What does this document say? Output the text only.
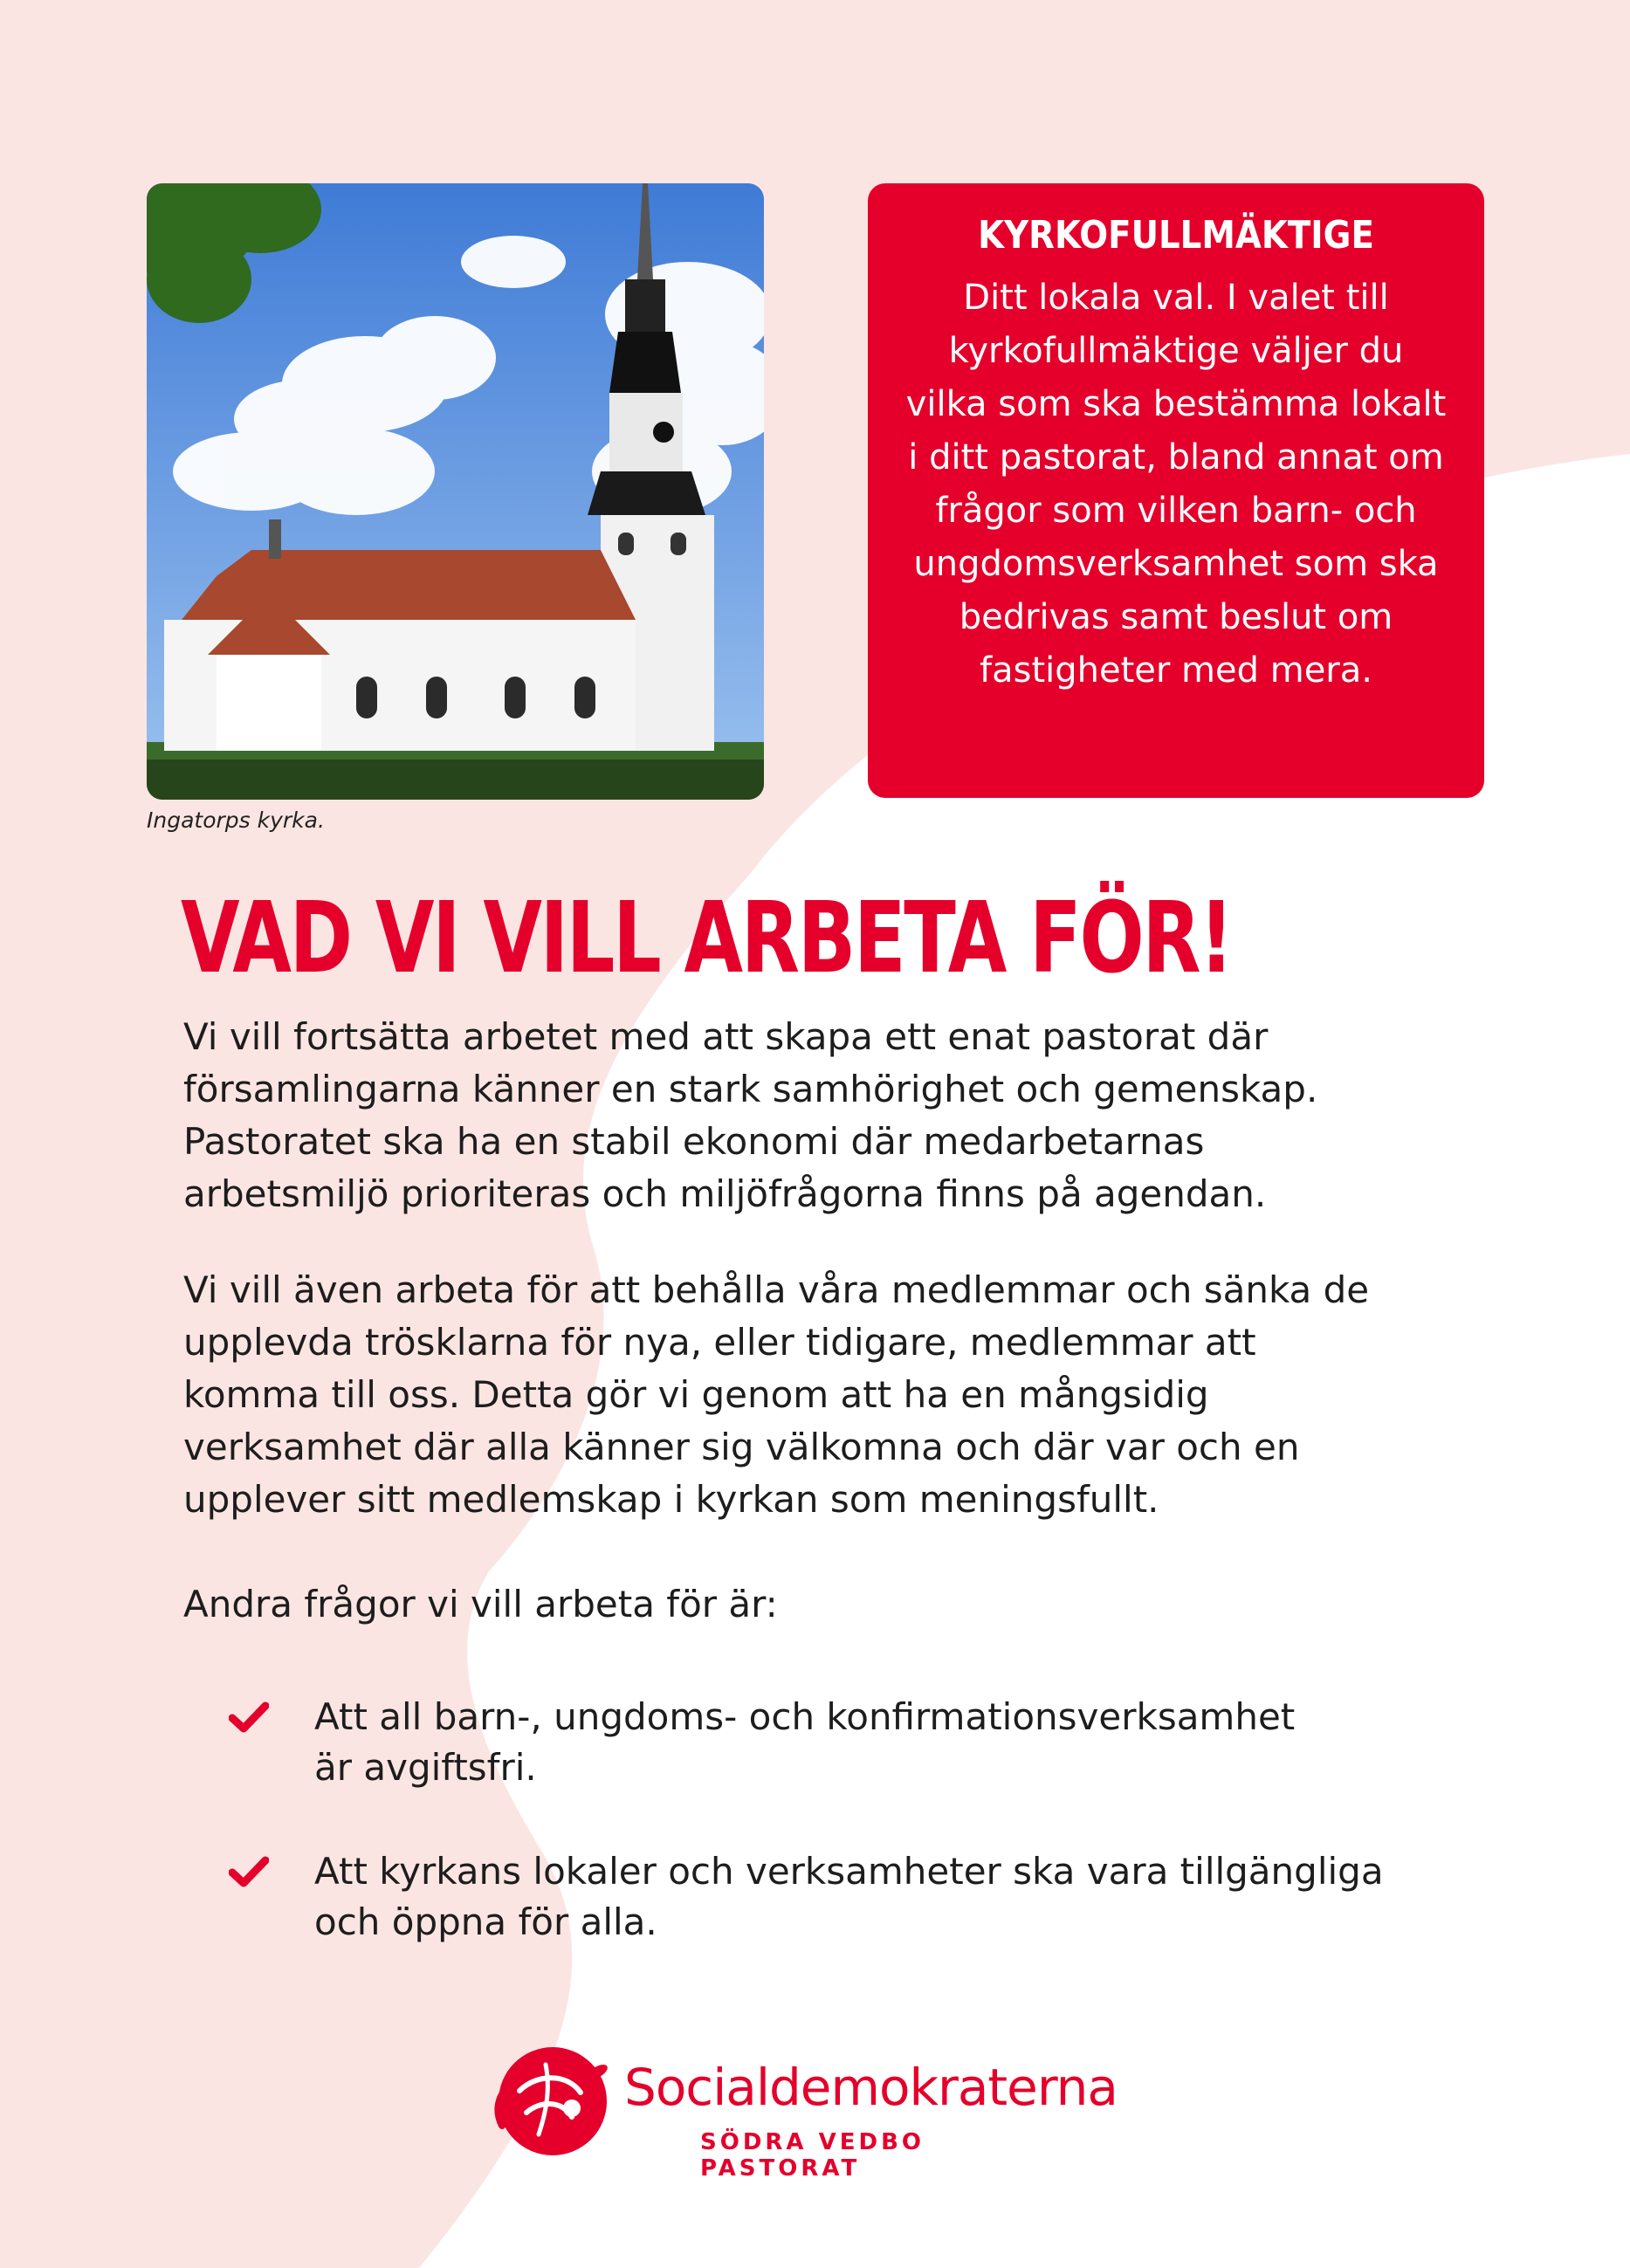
Ingatorps kyrka.
KYRKOFULLMÄKTIGE

Ditt lokala val. I valet till kyrkofullmäktige väljer du vilka som ska bestämma lokalt i ditt pastorat, bland annat om frågor som vilken barn- och ungdomsverksamhet som ska bedrivas samt beslut om fastigheter med mera.

VAD VI VILL ARBETA FÖR!
Vi vill fortsätta arbetet med att skapa ett enat pastorat där
församlingarna känner en stark samhörighet och gemenskap.
Pastoratet ska ha en stabil ekonomi där medarbetarnas
arbetsmiljö prioriteras och miljöfrågorna finns på agendan.
Vi vill även arbeta för att behålla våra medlemmar och sänka de
upplevda trösklarna för nya, eller tidigare, medlemmar att
komma till oss. Detta gör vi genom att ha en mångsidig
verksamhet där alla känner sig välkomna och där var och en
upplever sitt medlemskap i kyrkan som meningsfullt.
Andra frågor vi vill arbeta för är:
Att all barn-, ungdoms- och konfirmationsverksamhet
är avgiftsfri.
Att kyrkans lokaler och verksamheter ska vara tillgängliga
och öppna för alla.
Socialdemokraterna
SÖDRA VEDBO PASTORAT
